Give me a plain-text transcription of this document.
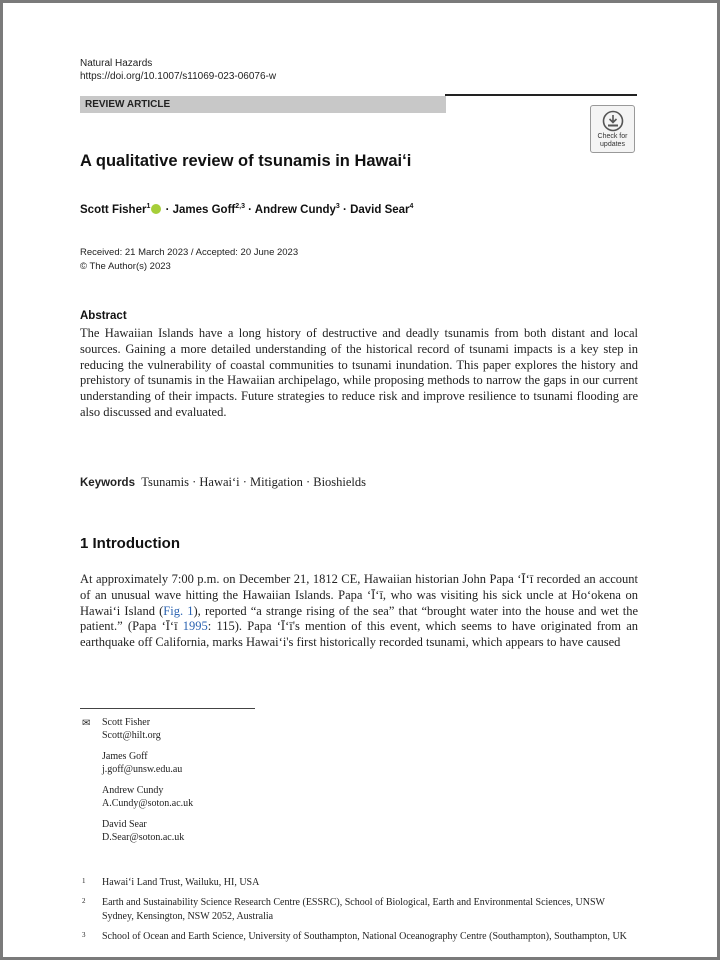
Natural Hazards
https://doi.org/10.1007/s11069-023-06076-w
REVIEW ARTICLE
Check for
updates
A qualitative review of tsunamis in Hawaiʻi
Scott Fisher$^1$ · James Goff$^{2,3}$ · Andrew Cundy$^3$ · David Sear$^4$
Received: 21 March 2023 / Accepted: 20 June 2023
© The Author(s) 2023
Abstract
The Hawaiian Islands have a long history of destructive and deadly tsunamis from both distant and local sources. Gaining a more detailed understanding of the historical record of tsunami impacts is a key step in reducing the vulnerability of coastal communities to tsunami inundation. This paper explores the history and prehistory of tsunamis in the Hawaiian archipelago, while proposing methods to narrow the gaps in our current understanding of their impacts. Future strategies to reduce risk and improve resilience to tsunami flooding are also discussed and evaluated.
Keywords Tsunamis · Hawaiʻi · Mitigation · Bioshields
1 Introduction
At approximately 7:00 p.m. on December 21, 1812 CE, Hawaiian historian John Papa ʻĪʻī recorded an account of an unusual wave hitting the Hawaiian Islands. Papa ʻĪʻī, who was visiting his sick uncle at Hoʻokena on Hawaiʻi Island (Fig. 1), reported “a strange rising of the sea” that “brought water into the house and wet the patient.” (Papa ʻĪʻī 1995: 115). Papa ʻĪʻī's mention of this event, which seems to have originated from an earthquake off California, marks Hawaiʻi's first historically recorded tsunami, which appears to have caused
✉ Scott Fisher
Scott@hilt.org
James Goff
j.goff@unsw.edu.au
Andrew Cundy
A.Cundy@soton.ac.uk
David Sear
D.Sear@soton.ac.uk
1 Hawaiʻi Land Trust, Wailuku, HI, USA
2 Earth and Sustainability Science Research Centre (ESSRC), School of Biological, Earth and Environmental Sciences, UNSW Sydney, Kensington, NSW 2052, Australia
3 School of Ocean and Earth Science, University of Southampton, National Oceanography Centre (Southampton), Southampton, UK
